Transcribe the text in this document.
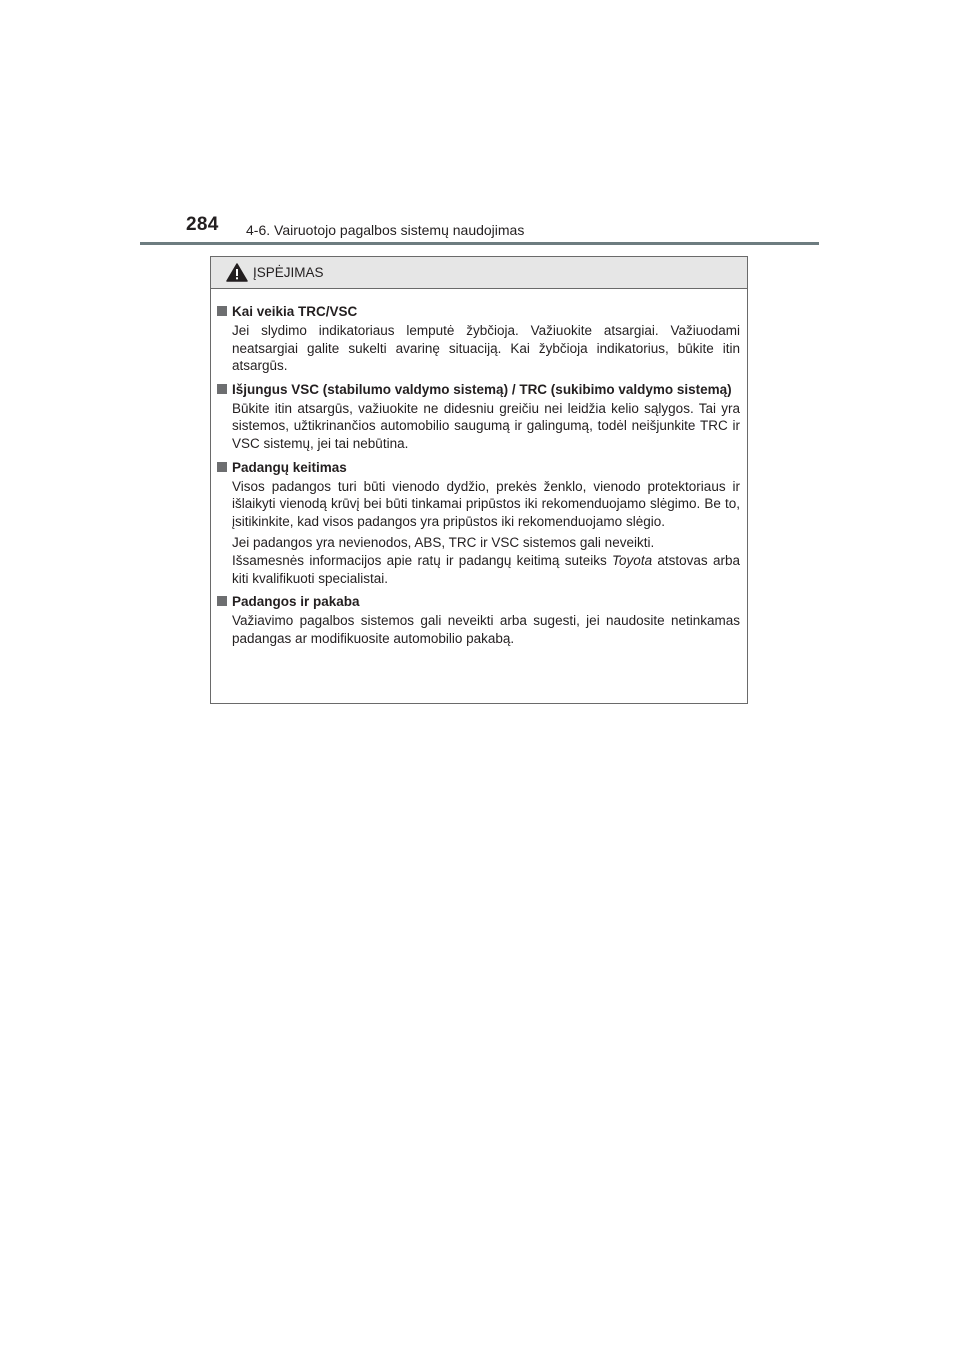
284 4-6. Vairuotojo pagalbos sistemų naudojimas
ĮSPĖJIMAS
Kai veikia TRC/VSC

Jei slydimo indikatoriaus lemputė žybčioja. Važiuokite atsargiai. Važiuodami neatsargiai galite sukelti avarinę situaciją. Kai žybčioja indikatorius, būkite itin atsargūs.

Išjungus VSC (stabilumo valdymo sistemą) / TRC (sukibimo valdymo sistemą)

Būkite itin atsargūs, važiuokite ne didesniu greičiu nei leidžia kelio sąlygos. Tai yra sistemos, užtikrinančios automobilio saugumą ir galingumą, todėl neišjunkite TRC ir VSC sistemų, jei tai nebūtina.

Padangų keitimas

Visos padangos turi būti vienodo dydžio, prekės ženklo, vienodo protektoriaus ir išlaikyti vienodą krūvį bei būti tinkamai pripūstos iki rekomenduojamo slėgimo. Be to, įsitikinkite, kad visos padangos yra pripūstos iki rekomenduojamo slėgio.

Jei padangos yra nevienodos, ABS, TRC ir VSC sistemos gali neveikti.

Išsamesnės informacijos apie ratų ir padangų keitimą suteiks Toyota atstovas arba kiti kvalifikuoti specialistai.

Padangos ir pakaba

Važiavimo pagalbos sistemos gali neveikti arba sugesti, jei naudosite netinkamas padangas ar modifikuosite automobilio pakabą.
